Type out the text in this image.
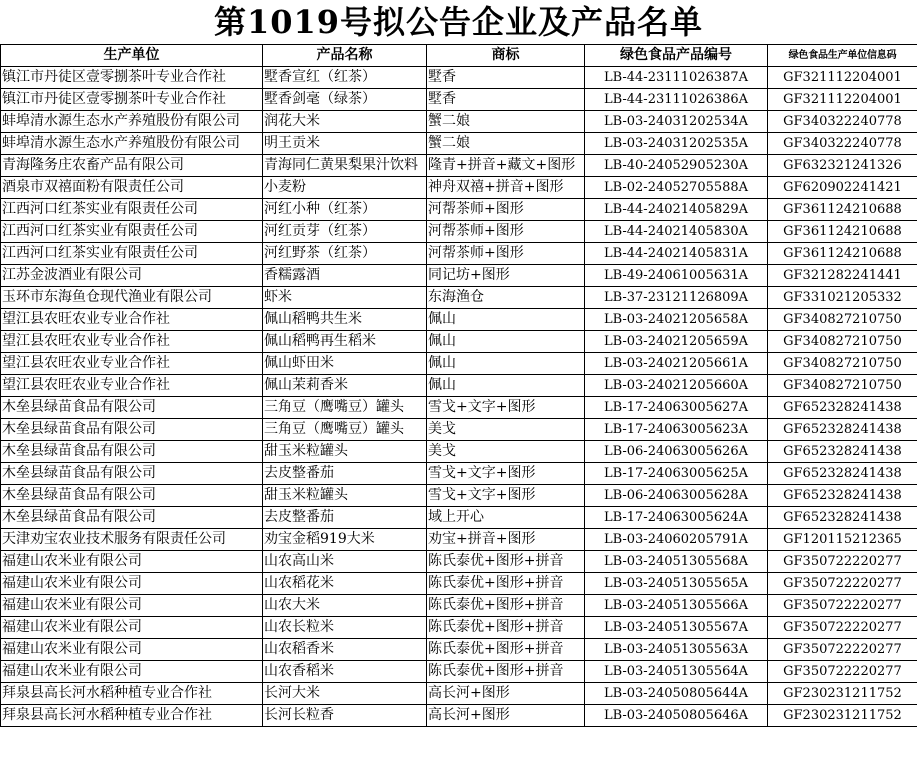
第1019号拟公告企业及产品名单
生产单位	产品名称	商标	绿色食品产品编号	绿色食品生产单位信息码
镇江市丹徒区壹零捌茶叶专业合作社	墅香宣红（红茶）	墅香	LB-44-23111026387A	GF321112204001
镇江市丹徒区壹零捌茶叶专业合作社	墅香剑毫（绿茶）	墅香	LB-44-23111026386A	GF321112204001
蚌埠清水源生态水产养殖股份有限公司	润花大米	蟹二娘	LB-03-24031202534A	GF340322240778
蚌埠清水源生态水产养殖股份有限公司	明王贡米	蟹二娘	LB-03-24031202535A	GF340322240778
青海隆务庄农畜产品有限公司	青海同仁黄果梨果汁饮料	隆青+拼音+藏文+图形	LB-40-24052905230A	GF632321241326
酒泉市双禧面粉有限责任公司	小麦粉	神舟双禧+拼音+图形	LB-02-24052705588A	GF620902241421
江西河口红茶实业有限责任公司	河红小种（红茶）	河帮茶师+图形	LB-44-24021405829A	GF361124210688
江西河口红茶实业有限责任公司	河红贡芽（红茶）	河帮茶师+图形	LB-44-24021405830A	GF361124210688
江西河口红茶实业有限责任公司	河红野茶（红茶）	河帮茶师+图形	LB-44-24021405831A	GF361124210688
江苏金波酒业有限公司	香糯露酒	同记坊+图形	LB-49-24061005631A	GF321282241441
玉环市东海鱼仓现代渔业有限公司	虾米	东海渔仓	LB-37-23121126809A	GF331021205332
望江县农旺农业专业合作社	佩山稻鸭共生米	佩山	LB-03-24021205658A	GF340827210750
望江县农旺农业专业合作社	佩山稻鸭再生稻米	佩山	LB-03-24021205659A	GF340827210750
望江县农旺农业专业合作社	佩山虾田米	佩山	LB-03-24021205661A	GF340827210750
望江县农旺农业专业合作社	佩山茉莉香米	佩山	LB-03-24021205660A	GF340827210750
木垒县绿苗食品有限公司	三角豆（鹰嘴豆）罐头	雪戈+文字+图形	LB-17-24063005627A	GF652328241438
木垒县绿苗食品有限公司	三角豆（鹰嘴豆）罐头	美戈	LB-17-24063005623A	GF652328241438
木垒县绿苗食品有限公司	甜玉米粒罐头	美戈	LB-06-24063005626A	GF652328241438
木垒县绿苗食品有限公司	去皮整番茄	雪戈+文字+图形	LB-17-24063005625A	GF652328241438
木垒县绿苗食品有限公司	甜玉米粒罐头	雪戈+文字+图形	LB-06-24063005628A	GF652328241438
木垒县绿苗食品有限公司	去皮整番茄	域上开心	LB-17-24063005624A	GF652328241438
天津劝宝农业技术服务有限责任公司	劝宝金稻919大米	劝宝+拼音+图形	LB-03-24060205791A	GF120115212365
福建山农米业有限公司	山农高山米	陈氏泰优+图形+拼音	LB-03-24051305568A	GF350722220277
福建山农米业有限公司	山农稻花米	陈氏泰优+图形+拼音	LB-03-24051305565A	GF350722220277
福建山农米业有限公司	山农大米	陈氏泰优+图形+拼音	LB-03-24051305566A	GF350722220277
福建山农米业有限公司	山农长粒米	陈氏泰优+图形+拼音	LB-03-24051305567A	GF350722220277
福建山农米业有限公司	山农稻香米	陈氏泰优+图形+拼音	LB-03-24051305563A	GF350722220277
福建山农米业有限公司	山农香稻米	陈氏泰优+图形+拼音	LB-03-24051305564A	GF350722220277
拜泉县高长河水稻种植专业合作社	长河大米	高长河+图形	LB-03-24050805644A	GF230231211752
拜泉县高长河水稻种植专业合作社	长河长粒香	高长河+图形	LB-03-24050805646A	GF230231211752
